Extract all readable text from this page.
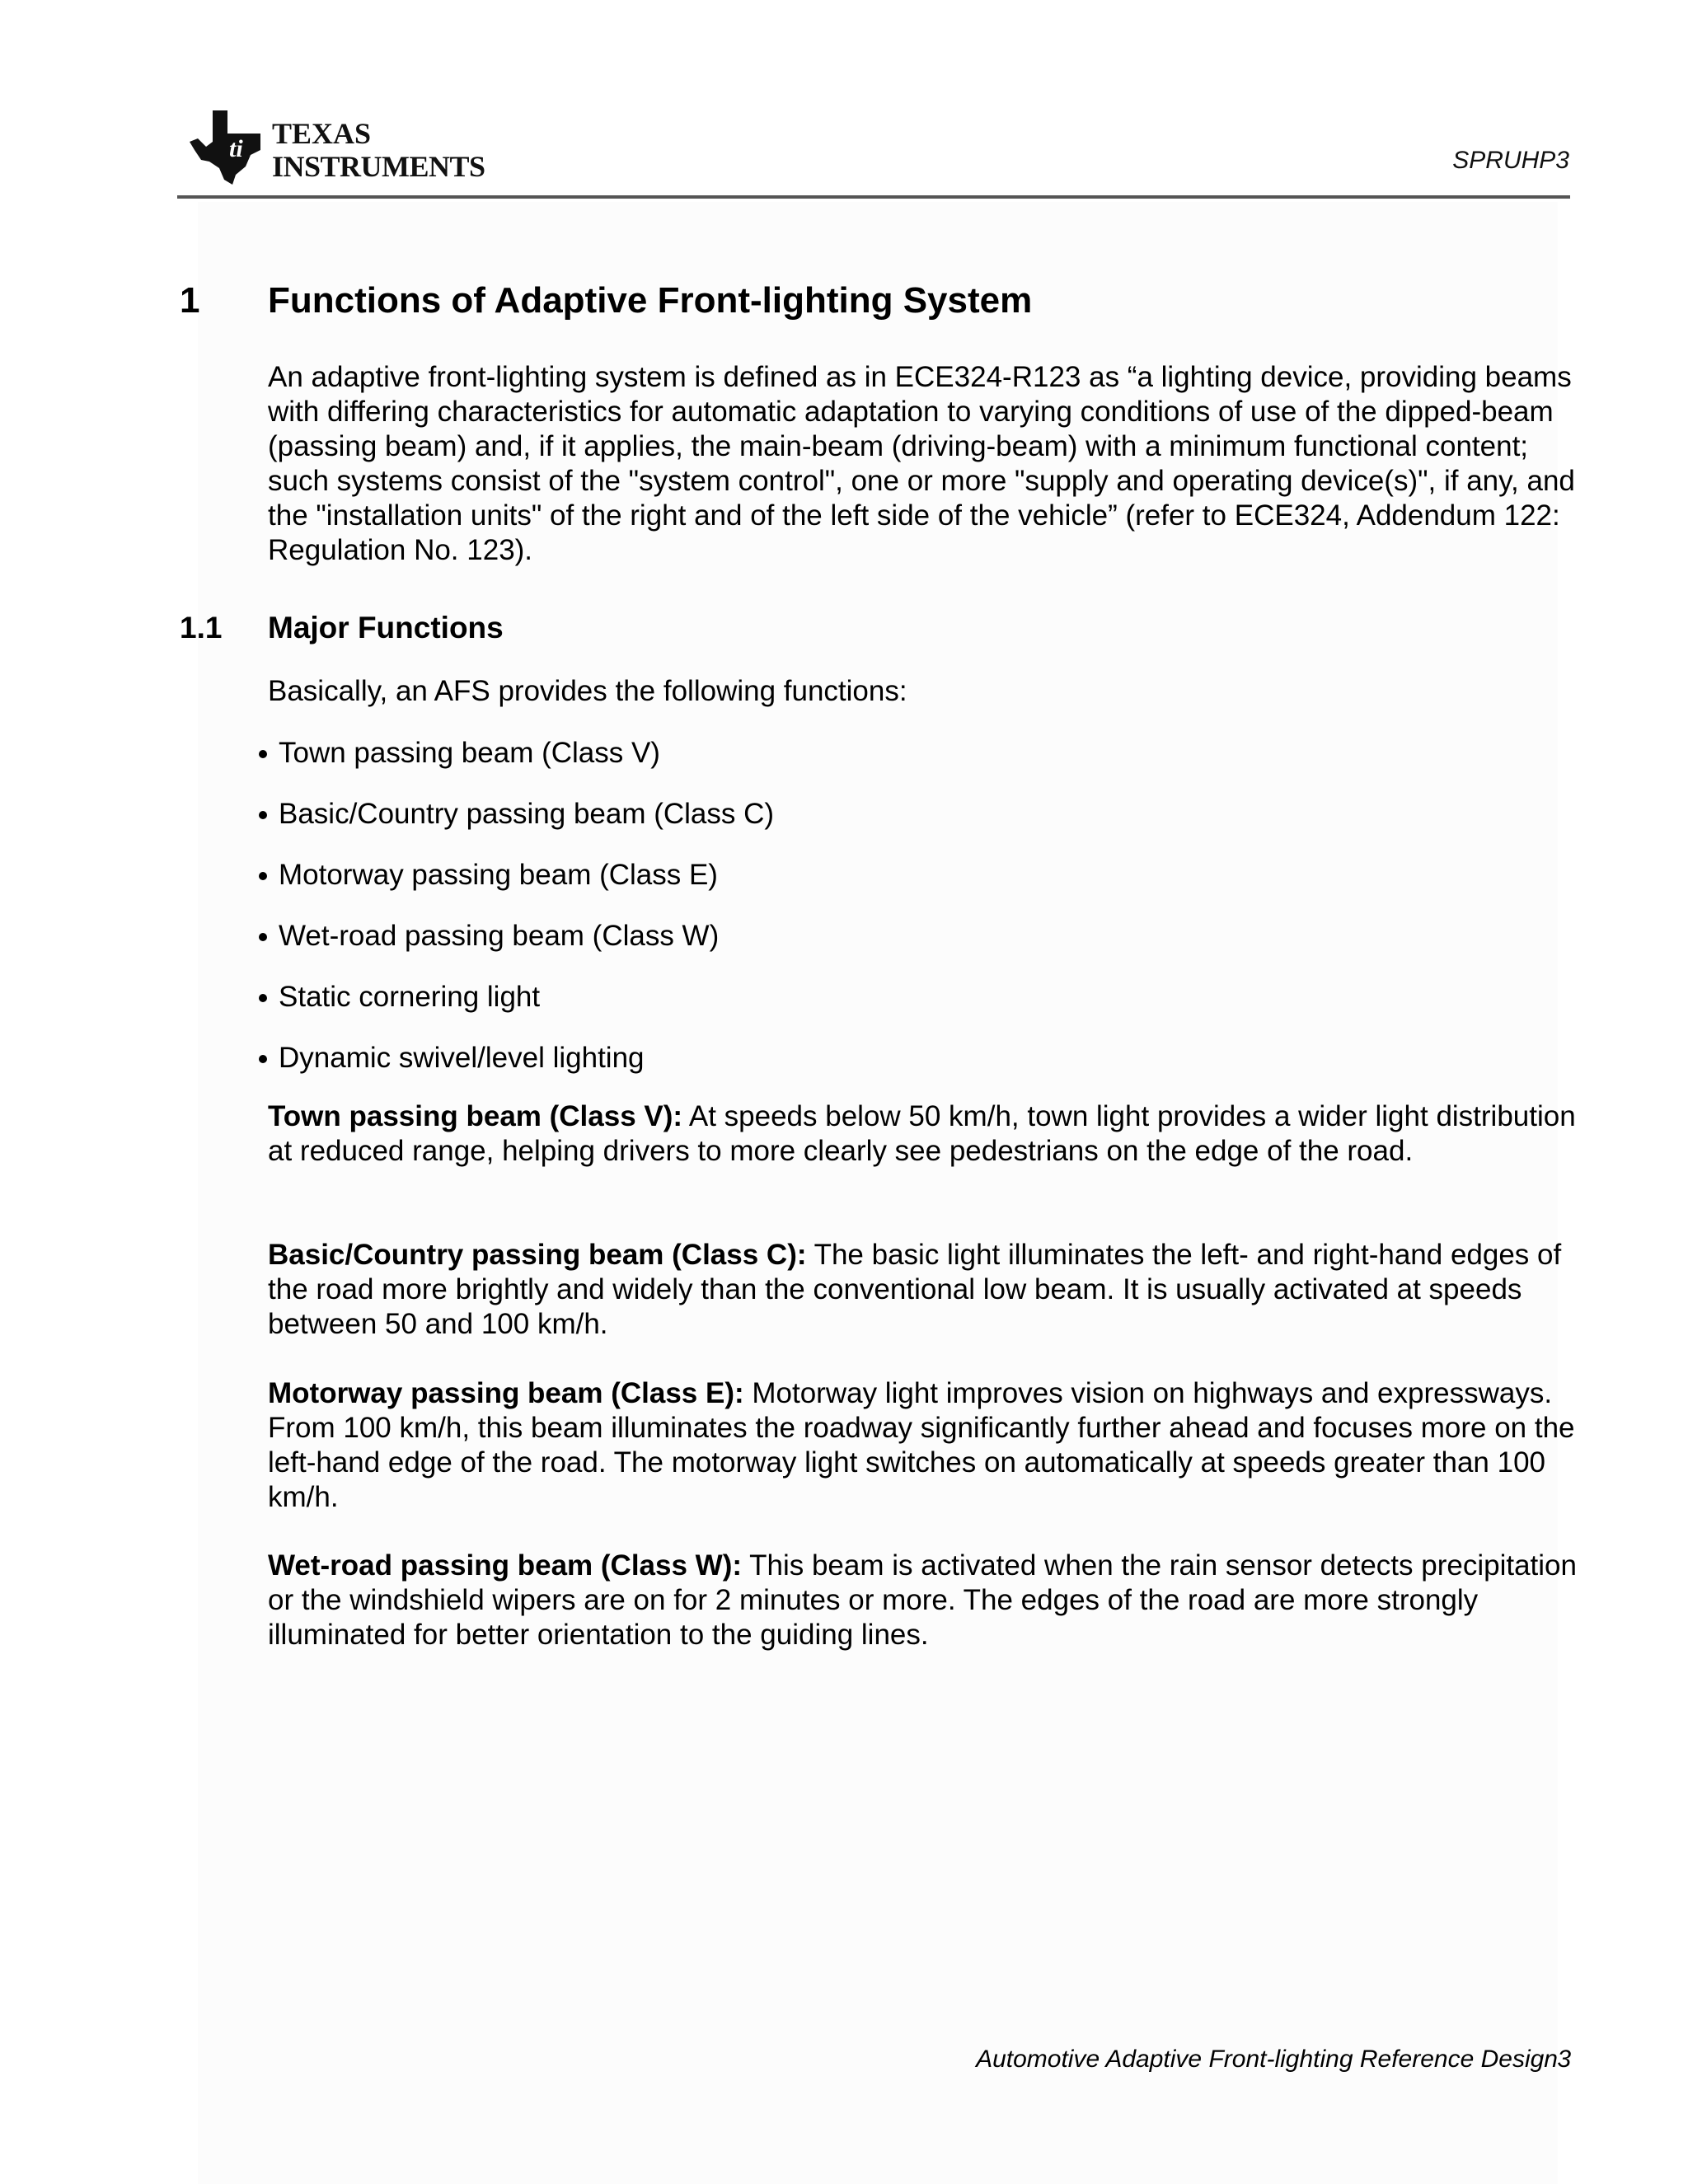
ti TEXAS
INSTRUMENTS	SPRUHP3
1 Functions of Adaptive Front-lighting System

An adaptive front-lighting system is defined as in ECE324-R123 as “a lighting device, providing beams with differing characteristics for automatic adaptation to varying conditions of use of the dipped-beam (passing beam) and, if it applies, the main-beam (driving-beam) with a minimum functional content; such systems consist of the "system control", one or more "supply and operating device(s)", if any, and the "installation units" of the right and of the left side of the vehicle” (refer to ECE324, Addendum 122: Regulation No. 123).

1.1 Major Functions

Basically, an AFS provides the following functions:

Town passing beam (Class V)
Basic/Country passing beam (Class C)
Motorway passing beam (Class E)
Wet-road passing beam (Class W)
Static cornering light
Dynamic swivel/level lighting

Town passing beam (Class V): At speeds below 50 km/h, town light provides a wider light distribution at reduced range, helping drivers to more clearly see pedestrians on the edge of the road.

Basic/Country passing beam (Class C): The basic light illuminates the left- and right-hand edges of the road more brightly and widely than the conventional low beam. It is usually activated at speeds between 50 and 100 km/h.

Motorway passing beam (Class E): Motorway light improves vision on highways and expressways. From 100 km/h, this beam illuminates the roadway significantly further ahead and focuses more on the left-hand edge of the road. The motorway light switches on automatically at speeds greater than 100 km/h.

Wet-road passing beam (Class W): This beam is activated when the rain sensor detects precipitation or the windshield wipers are on for 2 minutes or more. The edges of the road are more strongly illuminated for better orientation to the guiding lines.

Automotive Adaptive Front-lighting Reference Design 3
